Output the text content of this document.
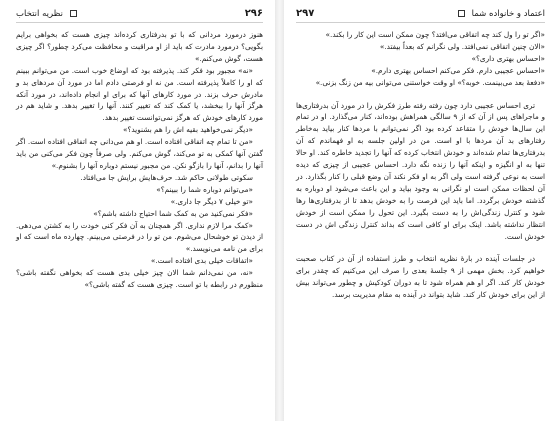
۲۹۶
نظریه انتخاب

هنوز درمورد مردانی که با تو بدرفتاری کرده‌اند چیزی هست که بخواهی برایم بگویی؟ درمورد مادرت که باید از او مراقبت و محافظت می‌کرد چطور؟ اگر چیزی هست، گوش می‌کنم.»

«نه» مجبور بود فکر کند. پذیرفته بود که اوضاع خوب است. من می‌توانم ببینم که او را کاملاً پذیرفته است. من نه او فرصتی دادم اما در مورد آن مردهای بد و مادرش حرف بزند. در مورد کارهای آنها که برای او انجام داده‌اند، در مورد آنکه هرگز آنها را ببخشد، یا کمک کند که تغییر کنند. آنها را تغییر بدهد. و شاید هم در مورد کارهای خودش که هرگز نمی‌توانست تغییر بدهد.

«دیگر نمی‌خواهید بقیه اش را هم بشنوید؟»

«من تا تمام چه اتفاقی افتاده است. او هم می‌دانی چه اتفاقی افتاده است. اگر گفتن آنها کمکی به تو می‌کند، گوش می‌کنم. ولی صرفاً چون فکر می‌کنی من باید آنها را بدانم، آنها را بازگو نکن. من مجبور نیستم دوباره آنها را بشنوم.»

سکوتی طولانی حاکم شد. حرف‌هایش برایش جا می‌افتاد.

«می‌توانم دوباره شما را ببینم؟»

«تو خیلی ۷ دیگر جا داری.»

«فکر نمی‌کنید من به کمک شما احتیاج داشته باشم؟»

«کمک مرا لازم نداری. اگر همچنان به آن فکر کنی خودت را به کشتن می‌دهی. از دیدن تو خوشحال می‌شوم. من تو را در فرصتی می‌بینم. چهارده ماه است که او برای من نامه می‌نویسد.»

«اتفاقات خیلی بدی افتاده است.»

«نه، من نمی‌دانم شما الان چیز خیلی بدی هست که بخواهی نگفته باشی؟ منظورم در رابطه با تو است. چیزی هست که گفته باشی؟»

اعتماد و خانواده شما
۲۹۷

«اگر تو را ول کند چه اتفاقی می‌افتد؟ چون ممکن است این کار را بکند.»

«الان چنین اتفاقی نمی‌افتد. ولی نگرانم که بعداً بیفتد.»

«احساس بهتری داری؟»

«احساس عجیبی دارم. فکر می‌کنم احساس بهتری دارم.»

«دفعهٔ بعد می‌بینمت. خوبه؟» او وقت خواستنی می‌توانی بیه من زنگ بزنی.»

تری احساس عجیبی دارد چون رفته رفته طرز فکرش را در مورد آن بدرفتاری‌ها و ماجراهای پس از آن که از ۹ سالگی همراهش بوده‌اند، کنار می‌گذارد. او در تمام این سال‌ها خودش را متقاعد کرده بود اگر نمی‌توانم با مردها کنار بیاید به‌خاطر رفتارهای بد آن مردها با او است. من در اولین جلسه به او فهماندم که آن بدرفتاری‌ها تمام شده‌اند و خودش انتخاب کرده که آنها را تجدید خاطره کند. او حالا تنها به او انگیزه و اینکه آنها را زنده نگه دارد. احساس عجیبی از چیزی که دیده است به نوعی گرفته است ولی اگر به او فکر نکند آن وضع قبلی را کنار بگذارد. در آن لحظات ممکن است او نگرانی به وجود بیاید و این باعث می‌شود او دوباره به گذشته خودش برگردد. اما باید این فرصت را به خودش بدهد تا از بدرفتاری‌ها رها شود و کنترل زندگی‌اش را به دست بگیرد. این تحول را ممکن است از خودش انتظار نداشته باشد. اینک برای او کافی است که بداند کنترل زندگی اش در دست خودش است.

در جلسات آینده در بارهٔ نظریه انتخاب و طرز استفاده از آن در کتاب صحبت خواهیم کرد. بخش مهمی از ۹ جلسهٔ بعدی را صرف این می‌کنیم که چقدر برای خودش کار کند. اگر او هم همراه شود تا به دوران کودکیش و چطور می‌تواند بیش از این برای خودش کار کند. شاید بتواند در آینده به مقام مدیریت برسد.
